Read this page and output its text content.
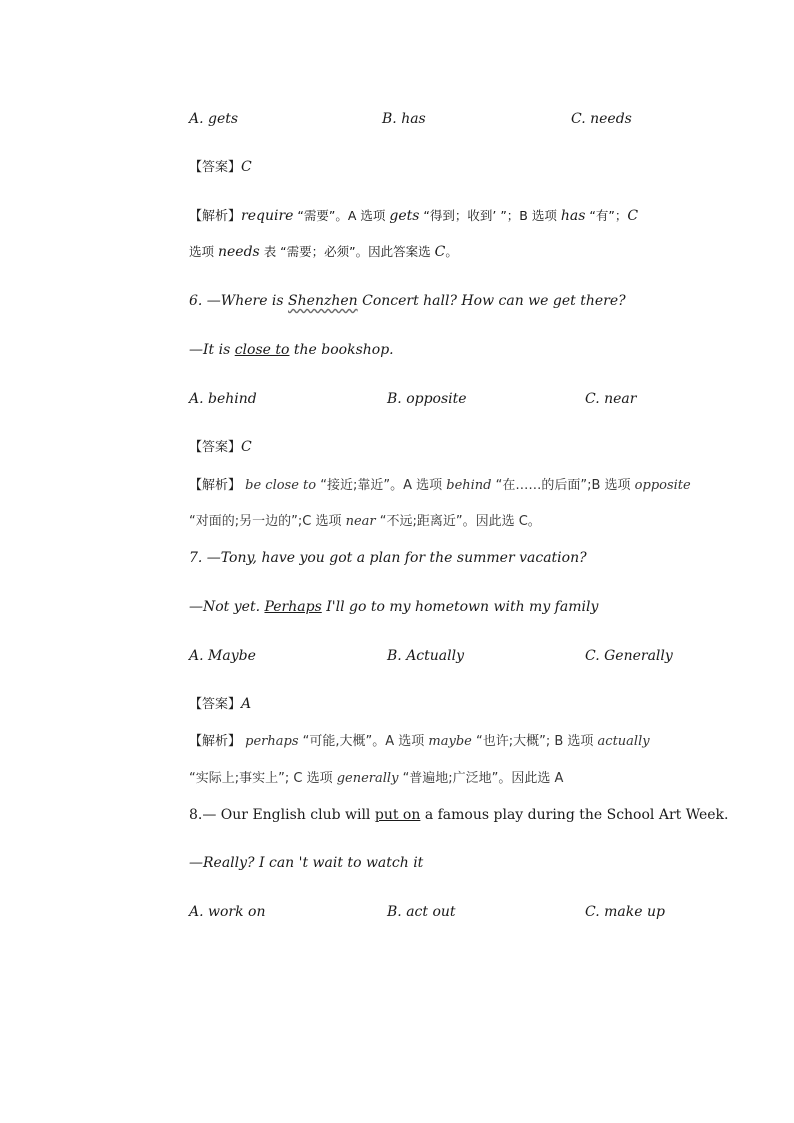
A. gets	B. has	C. needs
【答案】C
【解析】require “需要”。A 选项 gets “得到；收到’ ”；B 选项 has “有”；C
选项 needs 表 “需要；必须”。因此答案选 C。
6. —Where is Shenzhen Concert hall? How can we get there?
—It is close to the bookshop.
A. behind	B. opposite	C. near
【答案】C
【解析】 be close to “接近;靠近”。A 选项 behind “在……的后面”;B 选项 opposite
“对面的;另一边的”;C 选项 near “不远;距离近”。因此选 C。
7. —Tony, have you got a plan for the summer vacation?
—Not yet. Perhaps I'll go to my hometown with my family
A. Maybe	B. Actually	C. Generally
【答案】A
【解析】 perhaps “可能,大概”。A 选项 maybe “也许;大概”; B 选项 actually
“实际上;事实上”; C 选项 generally “普遍地;广泛地”。因此选 A
8.— Our English club will put on a famous play during the School Art Week.
—Really? I can 't wait to watch it
A. work on	B. act out	C. make up
